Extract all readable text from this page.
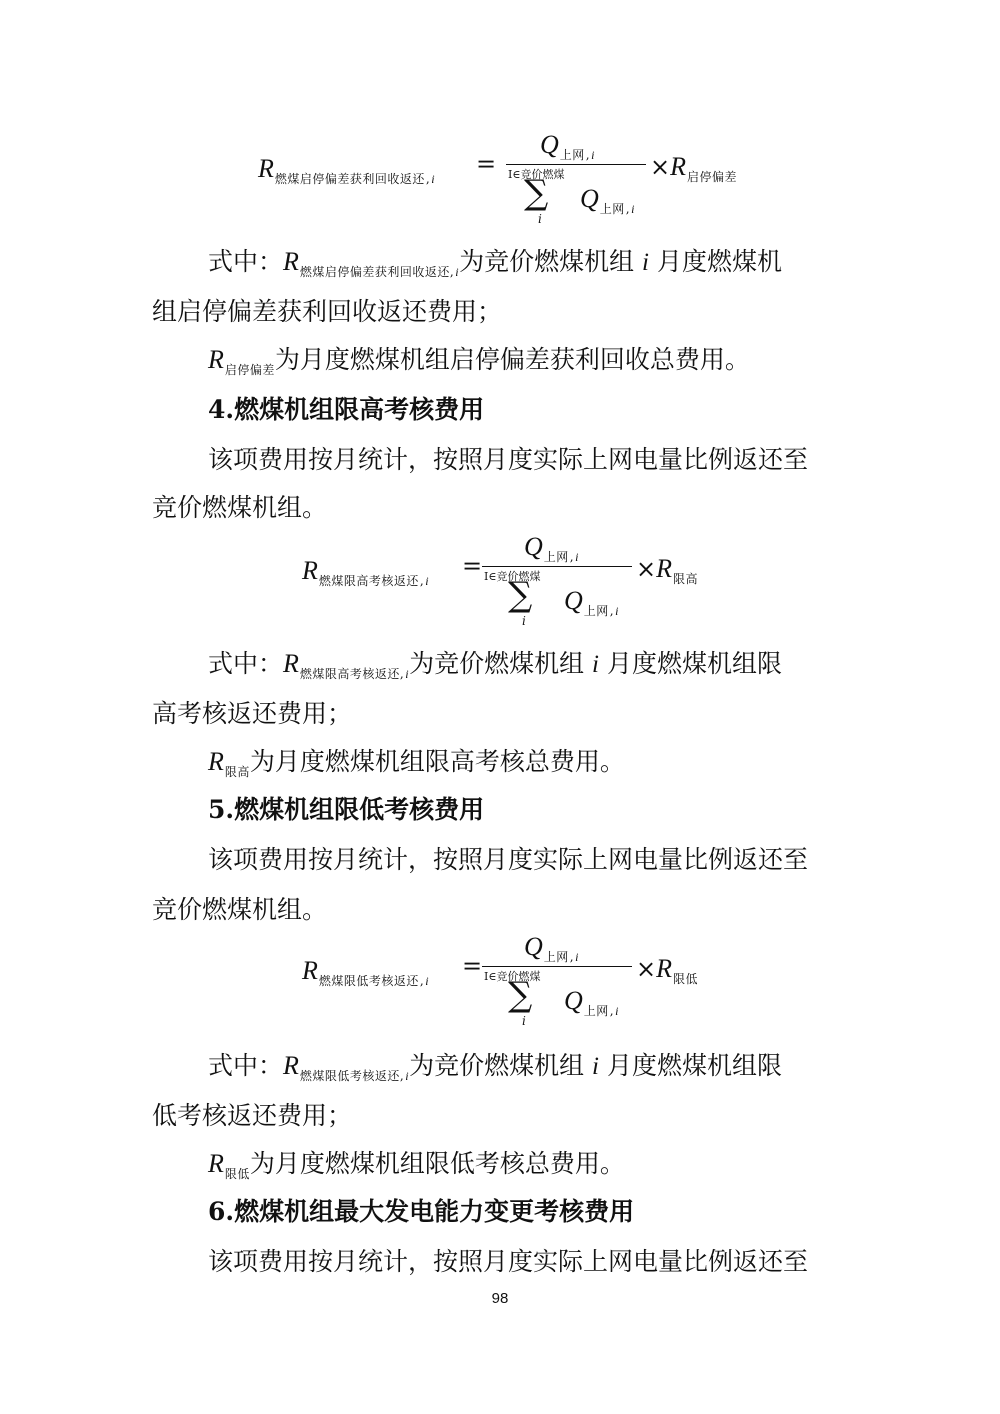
$R_{燃煤启停偏差获利回收返还,i}$
=
$Q_{上网,i}$
I∈竞价燃煤
∑
i
$Q_{上网,i}$
$\times R_{启停偏差}$
式中：$R_{燃煤启停偏差获利回收返还,i}$为竞价燃煤机组 i 月度燃煤机
组启停偏差获利回收返还费用；
$R_{启停偏差}$为月度燃煤机组启停偏差获利回收总费用。
4.燃煤机组限高考核费用
该项费用按月统计，按照月度实际上网电量比例返还至
竞价燃煤机组。
$R_{燃煤限高考核返还,i}$
=
$Q_{上网,i}$
I∈竞价燃煤
∑
i
$Q_{上网,i}$
$\times R_{限高}$
式中：$R_{燃煤限高考核返还,i}$为竞价燃煤机组 i 月度燃煤机组限
高考核返还费用；
$R_{限高}$为月度燃煤机组限高考核总费用。
5.燃煤机组限低考核费用
该项费用按月统计，按照月度实际上网电量比例返还至
竞价燃煤机组。
$R_{燃煤限低考核返还,i}$
=
$Q_{上网,i}$
I∈竞价燃煤
∑
i
$Q_{上网,i}$
$\times R_{限低}$
式中：$R_{燃煤限低考核返还,i}$为竞价燃煤机组 i 月度燃煤机组限
低考核返还费用；
$R_{限低}$为月度燃煤机组限低考核总费用。
6.燃煤机组最大发电能力变更考核费用
该项费用按月统计，按照月度实际上网电量比例返还至
98
